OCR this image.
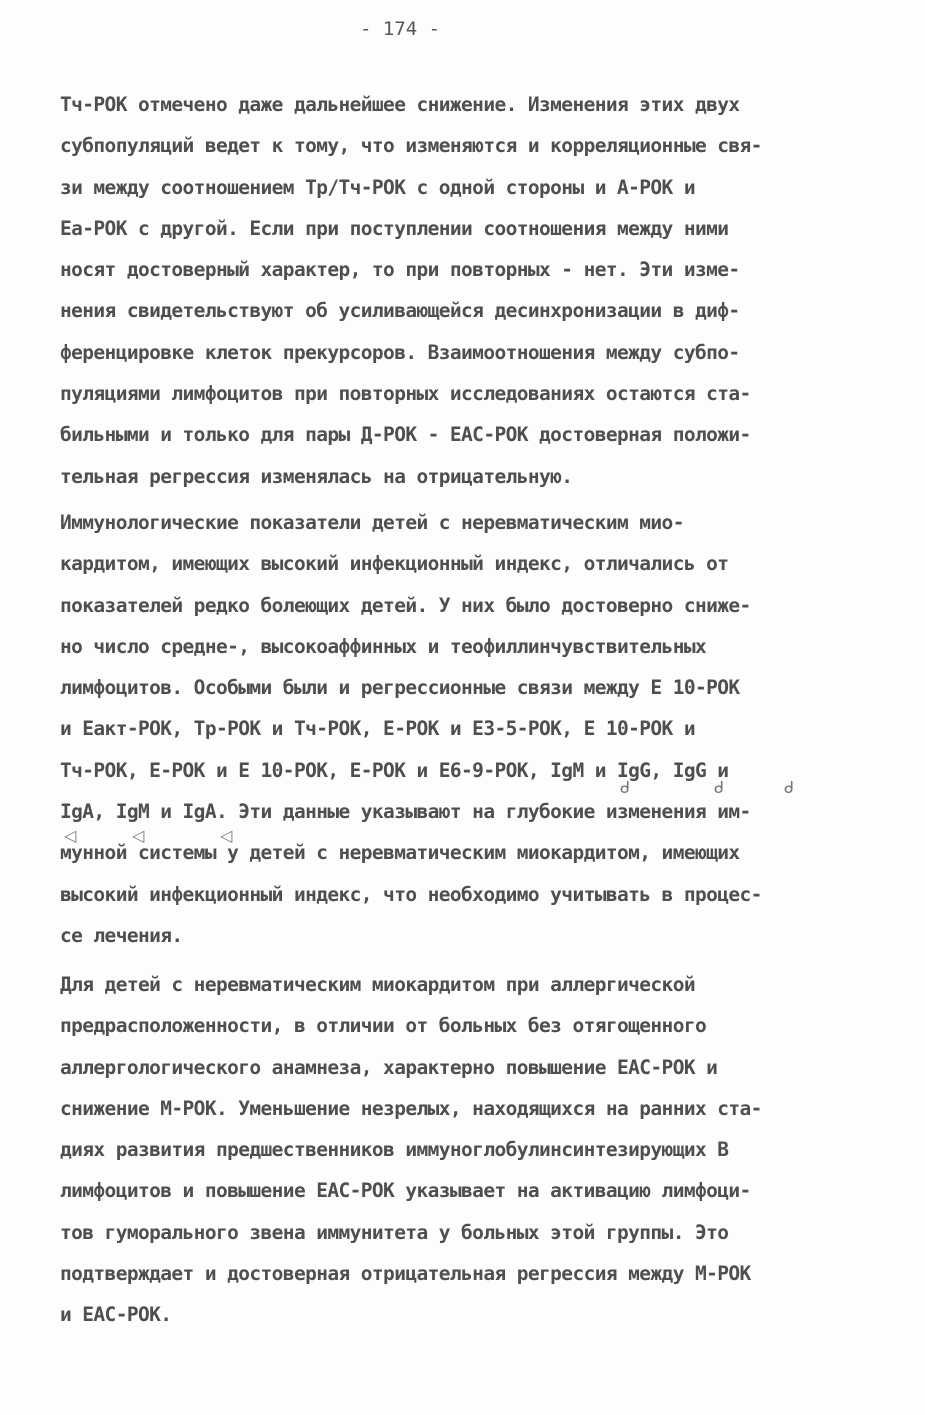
- 174 -
Тч-РОК отмечено даже дальнейшее снижение. Изменения этих двух
субпопуляций ведет к тому, что изменяются и корреляционные свя-
зи между соотношением Тр/Тч-РОК с одной стороны и А-РОК и
Еа-РОК с другой. Если при поступлении соотношения между ними
носят достоверный характер, то при повторных - нет. Эти изме-
нения свидетельствуют об усиливающейся десинхронизации в диф-
ференцировке клеток прекурсоров. Взаимоотношения между субпо-
пуляциями лимфоцитов при повторных исследованиях остаются ста-
бильными и только для пары Д-РОК - ЕАС-РОК достоверная положи-
тельная регрессия изменялась на отрицательную.
Иммунологические показатели детей с неревматическим мио-
кардитом, имеющих высокий инфекционный индекс, отличались от
показателей редко болеющих детей. У них было достоверно сниже-
но число средне-, высокоаффинных и теофиллинчувствительных
лимфоцитов. Особыми были и регрессионные связи между Е 10-РОК
и Еакт-РОК, Тр-РОК и Тч-РОК, Е-РОК и Е3-5-РОК, Е 10-РОК и
Тч-РОК, Е-РОК и Е 10-РОК, Е-РОК и Е6-9-РОК, IgM и IgG, IgG и
IgA, IgM и IgA. Эти данные указывают на глубокие изменения им-
мунной системы у детей с неревматическим миокардитом, имеющих
высокий инфекционный индекс, что необходимо учитывать в процес-
се лечения.
Для детей с неревматическим миокардитом при аллергической
предрасположенности, в отличии от больных без отягощенного
аллергологического анамнеза, характерно повышение ЕАС-РОК и
снижение М-РОК. Уменьшение незрелых, находящихся на ранних ста-
диях развития предшественников иммуноглобулинсинтезирующих В
лимфоцитов и повышение ЕАС-РОК указывает на активацию лимфоци-
тов гуморального звена иммунитета у больных этой группы. Это
подтверждает и достоверная отрицательная регрессия между М-РОК
и ЕАС-РОК.
ᑯ	ᑯ	ᑯ
◁	◁	◁
